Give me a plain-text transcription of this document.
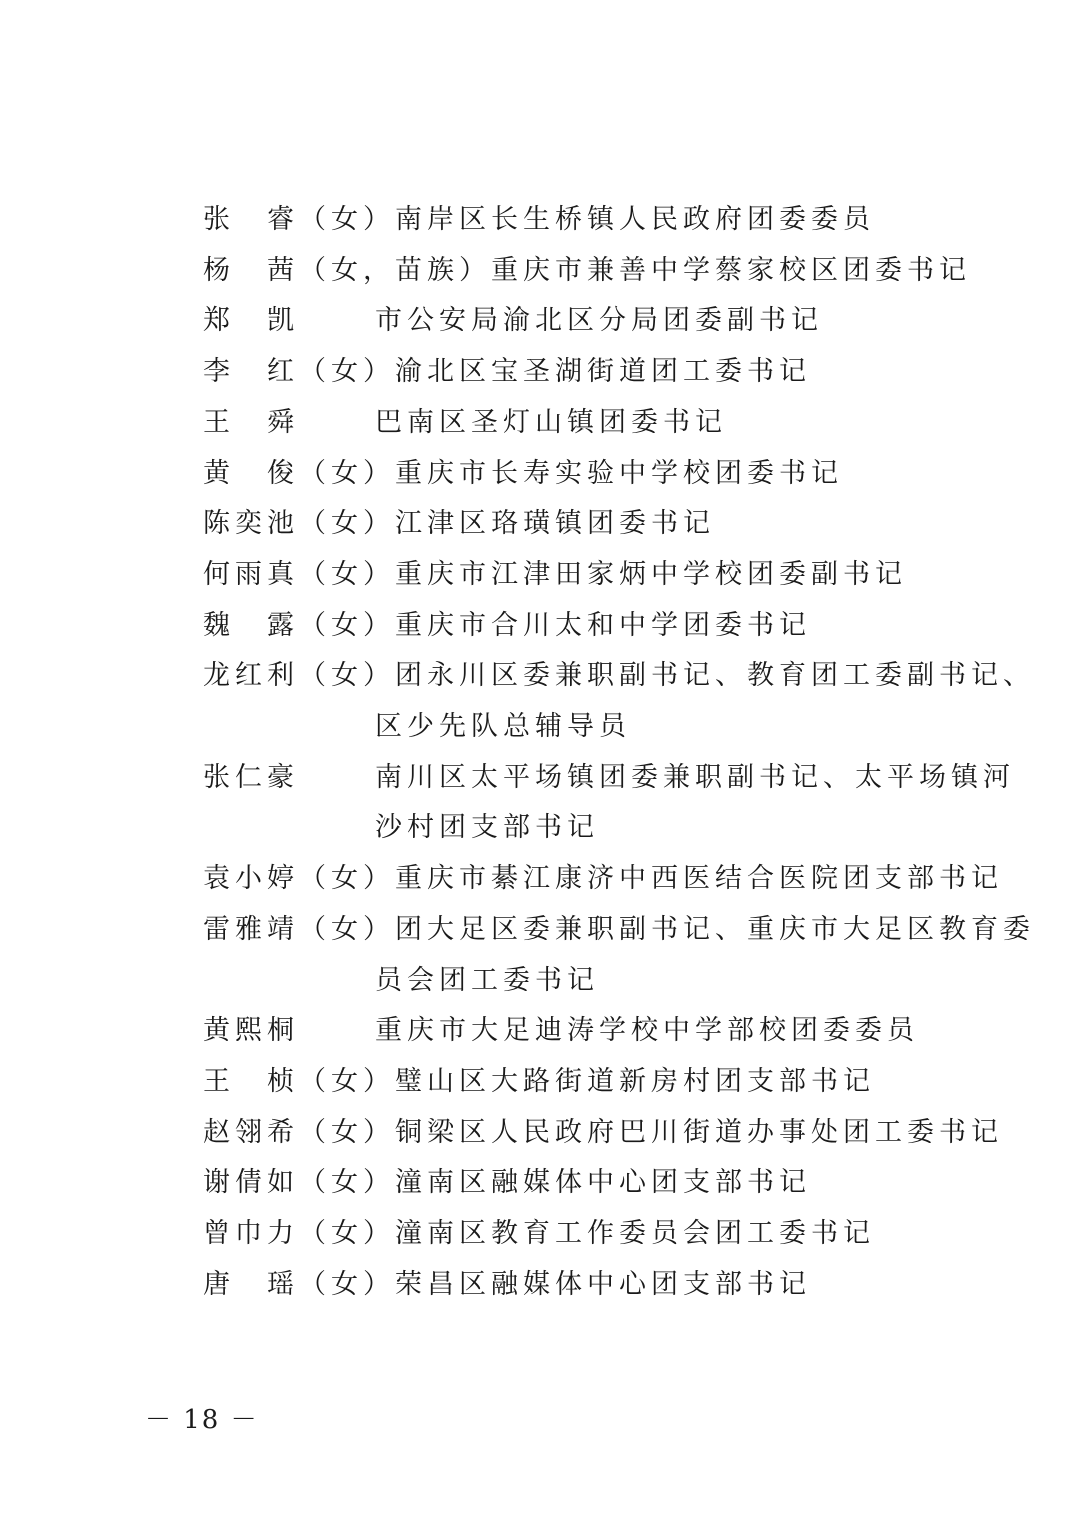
张　睿（女）南岸区长生桥镇人民政府团委委员
杨　茜（女，苗族）重庆市兼善中学蔡家校区团委书记
郑　凯	市公安局渝北区分局团委副书记
李　红（女）渝北区宝圣湖街道团工委书记
王　舜	巴南区圣灯山镇团委书记
黄　俊（女）重庆市长寿实验中学校团委书记
陈奕池（女）江津区珞璜镇团委书记
何雨真（女）重庆市江津田家炳中学校团委副书记
魏　露（女）重庆市合川太和中学团委书记
龙红利（女）团永川区委兼职副书记、教育团工委副书记、
区少先队总辅导员
张仁豪	南川区太平场镇团委兼职副书记、太平场镇河
沙村团支部书记
袁小婷（女）重庆市綦江康济中西医结合医院团支部书记
雷雅靖（女）团大足区委兼职副书记、重庆市大足区教育委
员会团工委书记
黄熙桐	重庆市大足迪涛学校中学部校团委委员
王　桢（女）璧山区大路街道新房村团支部书记
赵翎希（女）铜梁区人民政府巴川街道办事处团工委书记
谢倩如（女）潼南区融媒体中心团支部书记
曾巾力（女）潼南区教育工作委员会团工委书记
唐　瑶（女）荣昌区融媒体中心团支部书记
－ 18 －
